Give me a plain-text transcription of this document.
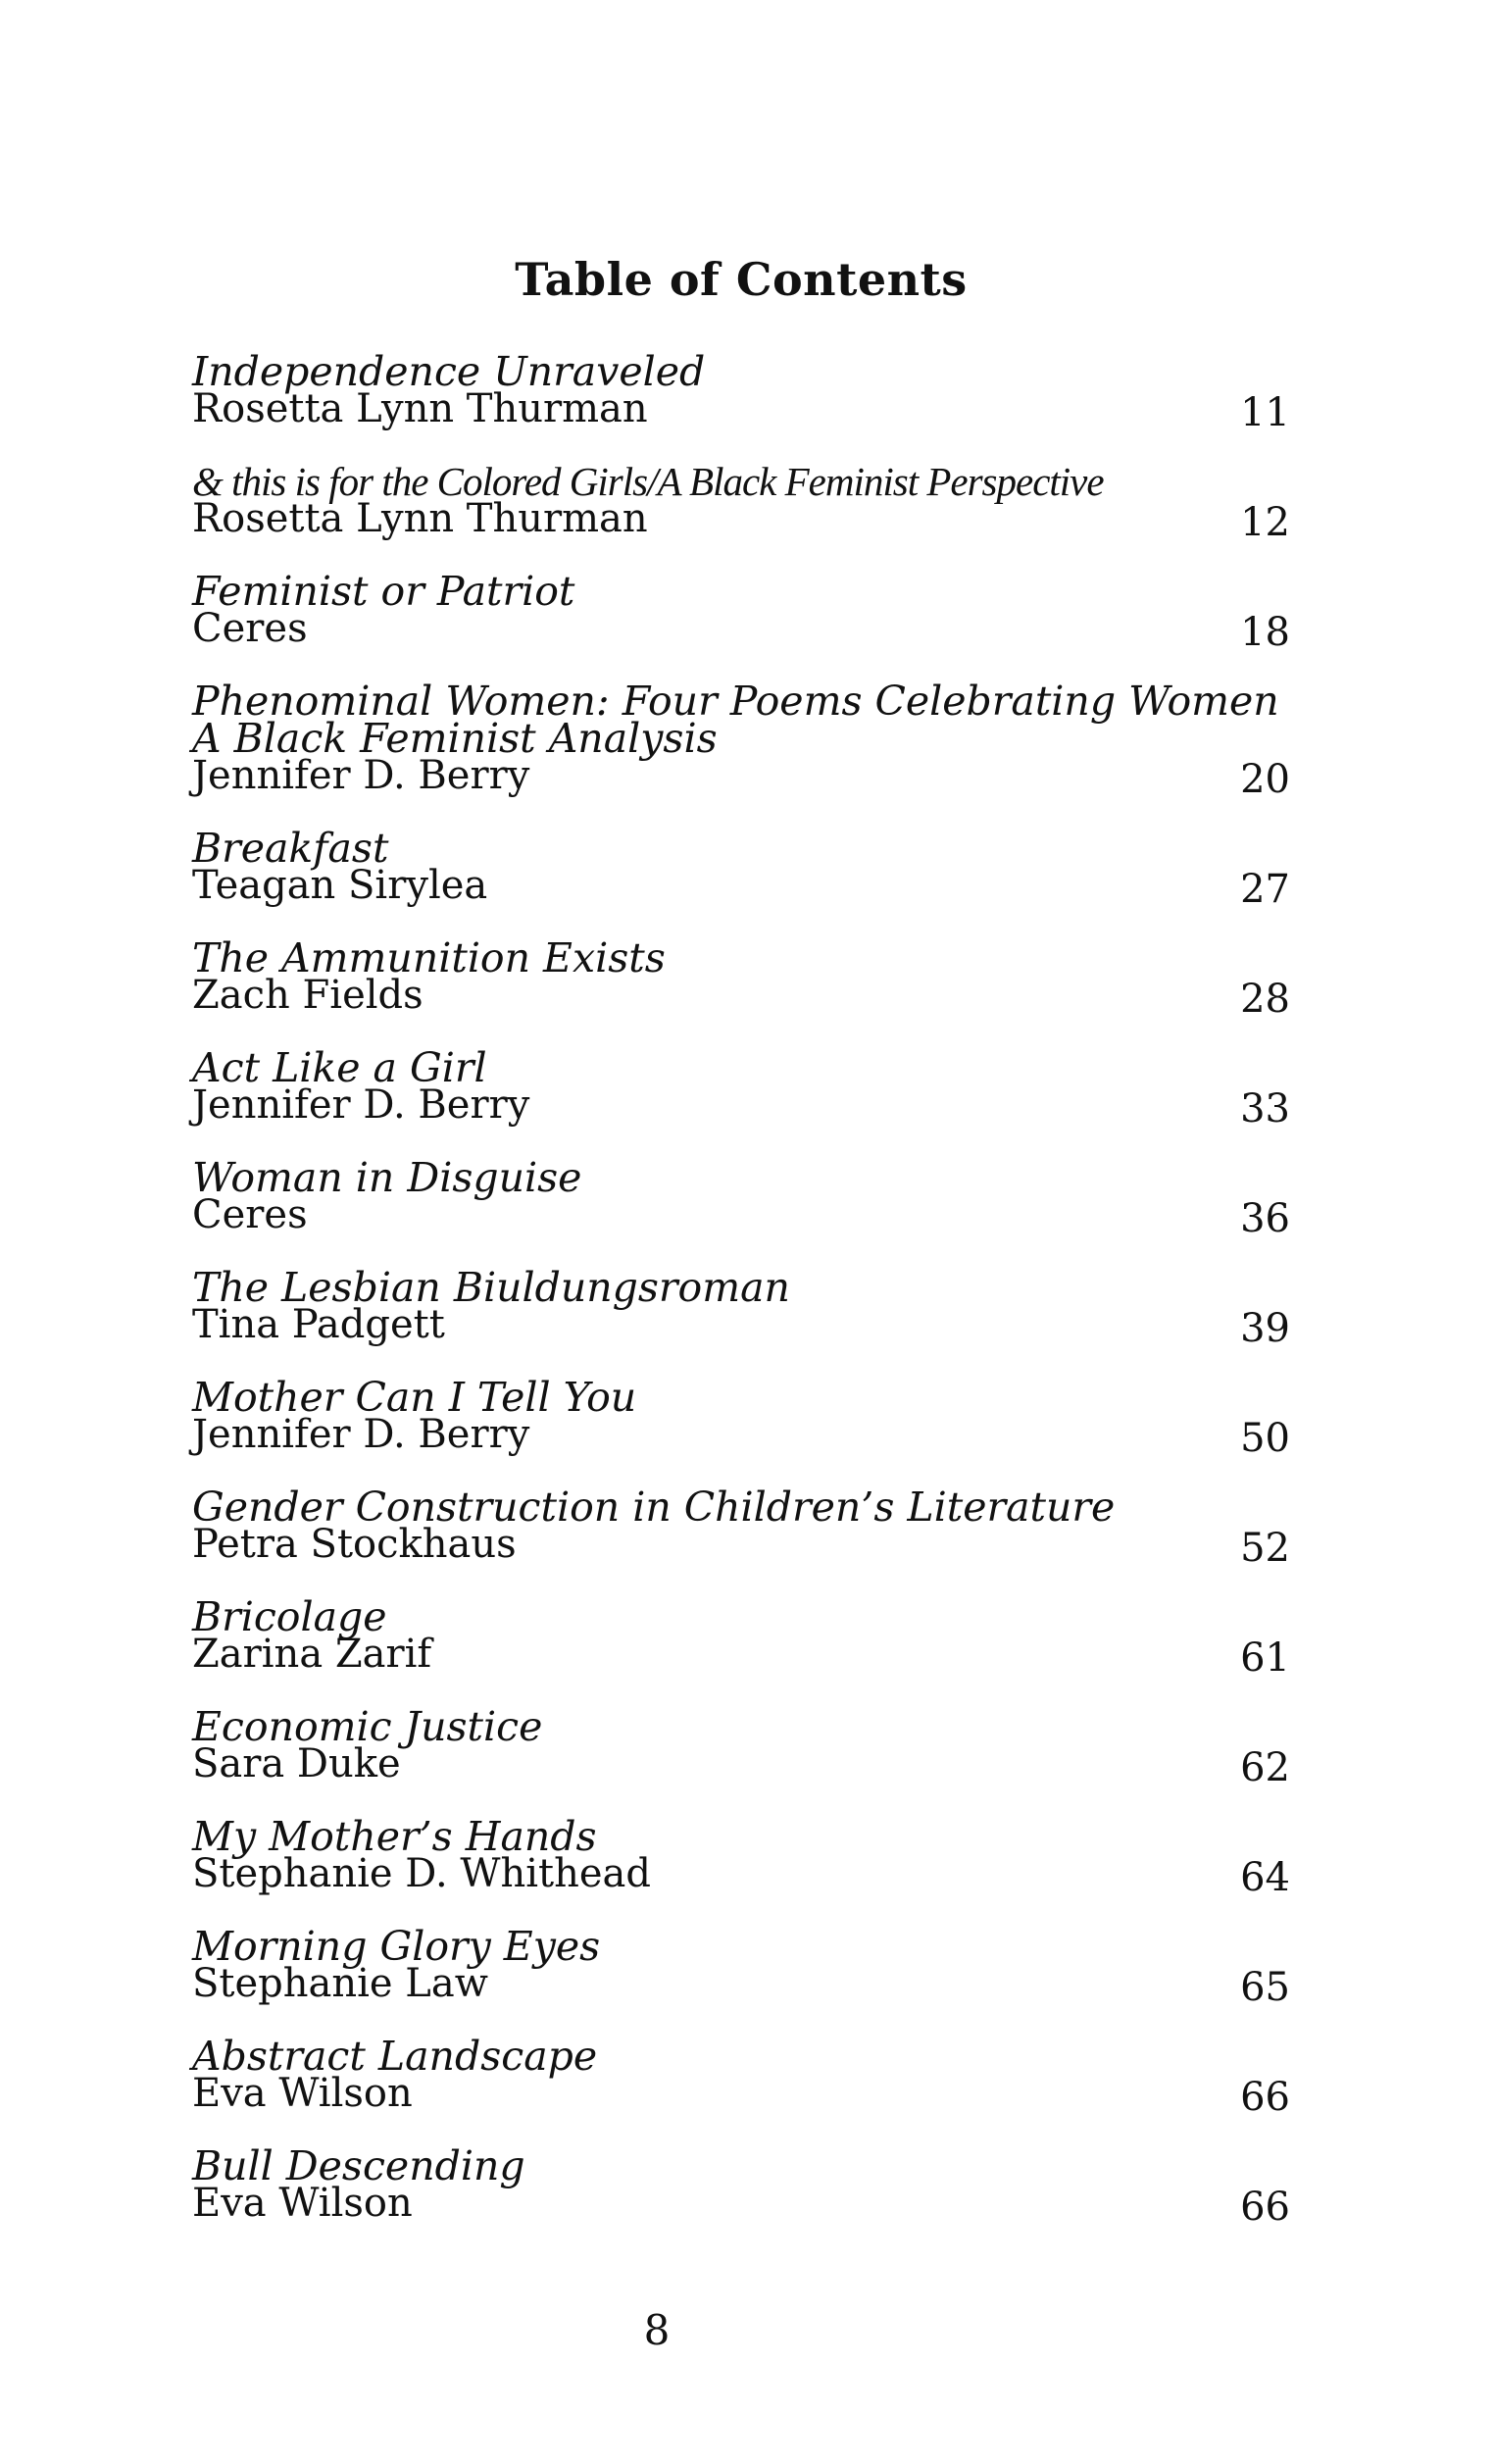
Table of Contents
Independence Unraveled
Rosetta Lynn Thurman	11
& this is for the Colored Girls/A Black Feminist Perspective
Rosetta Lynn Thurman	12
Feminist or Patriot
Ceres	18
Phenominal Women: Four Poems Celebrating Women
A Black Feminist Analysis
Jennifer D. Berry	20
Breakfast
Teagan Sirylea	27
The Ammunition Exists
Zach Fields	28
Act Like a Girl
Jennifer D. Berry	33
Woman in Disguise
Ceres	36
The Lesbian Biuldungsroman
Tina Padgett	39
Mother Can I Tell You
Jennifer D. Berry	50
Gender Construction in Children’s Literature
Petra Stockhaus	52
Bricolage
Zarina Zarif	61
Economic Justice
Sara Duke	62
My Mother’s Hands
Stephanie D. Whithead	64
Morning Glory Eyes
Stephanie Law	65
Abstract Landscape
Eva Wilson	66
Bull Descending
Eva Wilson	66
8
